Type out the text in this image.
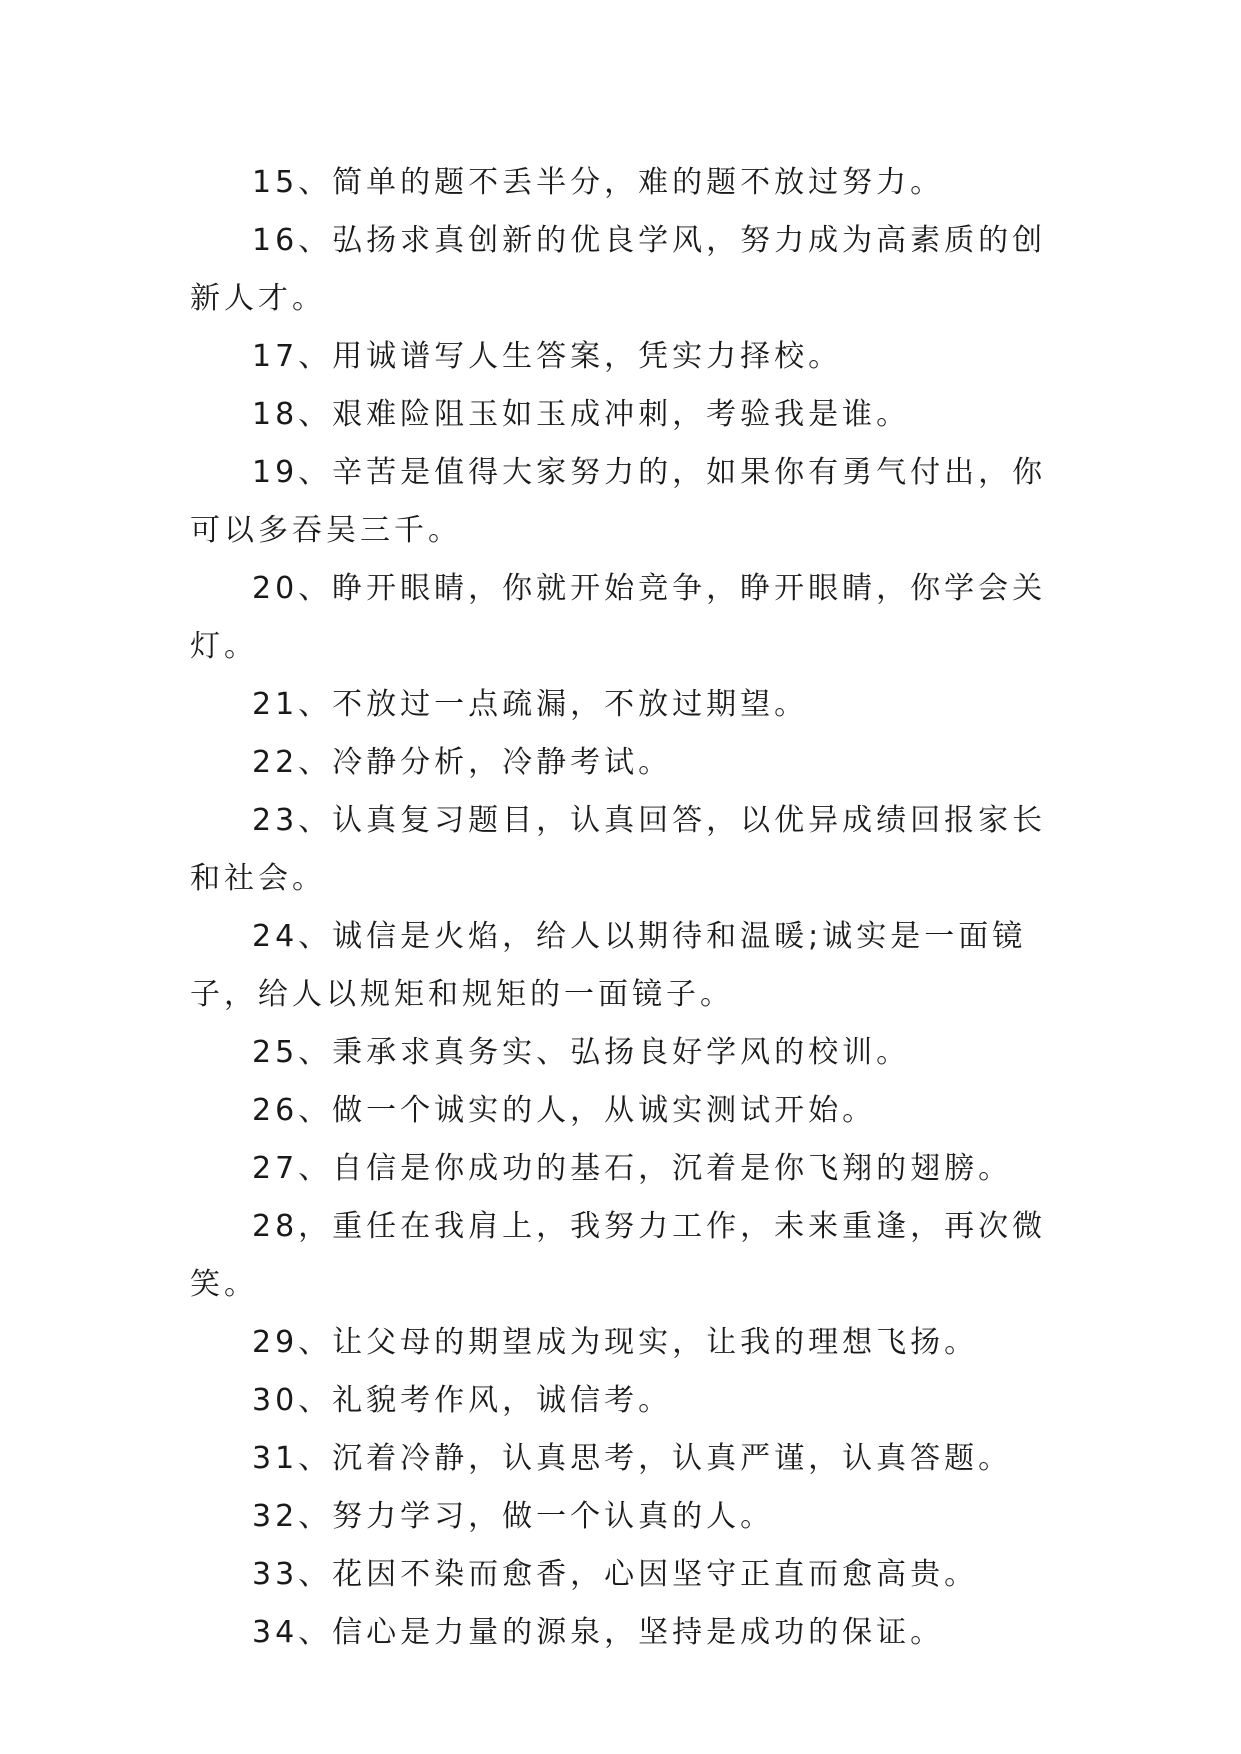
15、简单的题不丢半分，难的题不放过努力。

16、弘扬求真创新的优良学风，努力成为高素质的创新人才。

17、用诚谱写人生答案，凭实力择校。

18、艰难险阻玉如玉成冲刺，考验我是谁。

19、辛苦是值得大家努力的，如果你有勇气付出，你可以多吞吴三千。

20、睁开眼睛，你就开始竞争，睁开眼睛，你学会关灯。

21、不放过一点疏漏，不放过期望。

22、冷静分析，冷静考试。

23、认真复习题目，认真回答，以优异成绩回报家长和社会。

24、诚信是火焰，给人以期待和温暖;诚实是一面镜子，给人以规矩和规矩的一面镜子。

25、秉承求真务实、弘扬良好学风的校训。

26、做一个诚实的人，从诚实测试开始。

27、自信是你成功的基石，沉着是你飞翔的翅膀。

28，重任在我肩上，我努力工作，未来重逢，再次微笑。

29、让父母的期望成为现实，让我的理想飞扬。

30、礼貌考作风，诚信考。

31、沉着冷静，认真思考，认真严谨，认真答题。

32、努力学习，做一个认真的人。

33、花因不染而愈香，心因坚守正直而愈高贵。

34、信心是力量的源泉，坚持是成功的保证。
